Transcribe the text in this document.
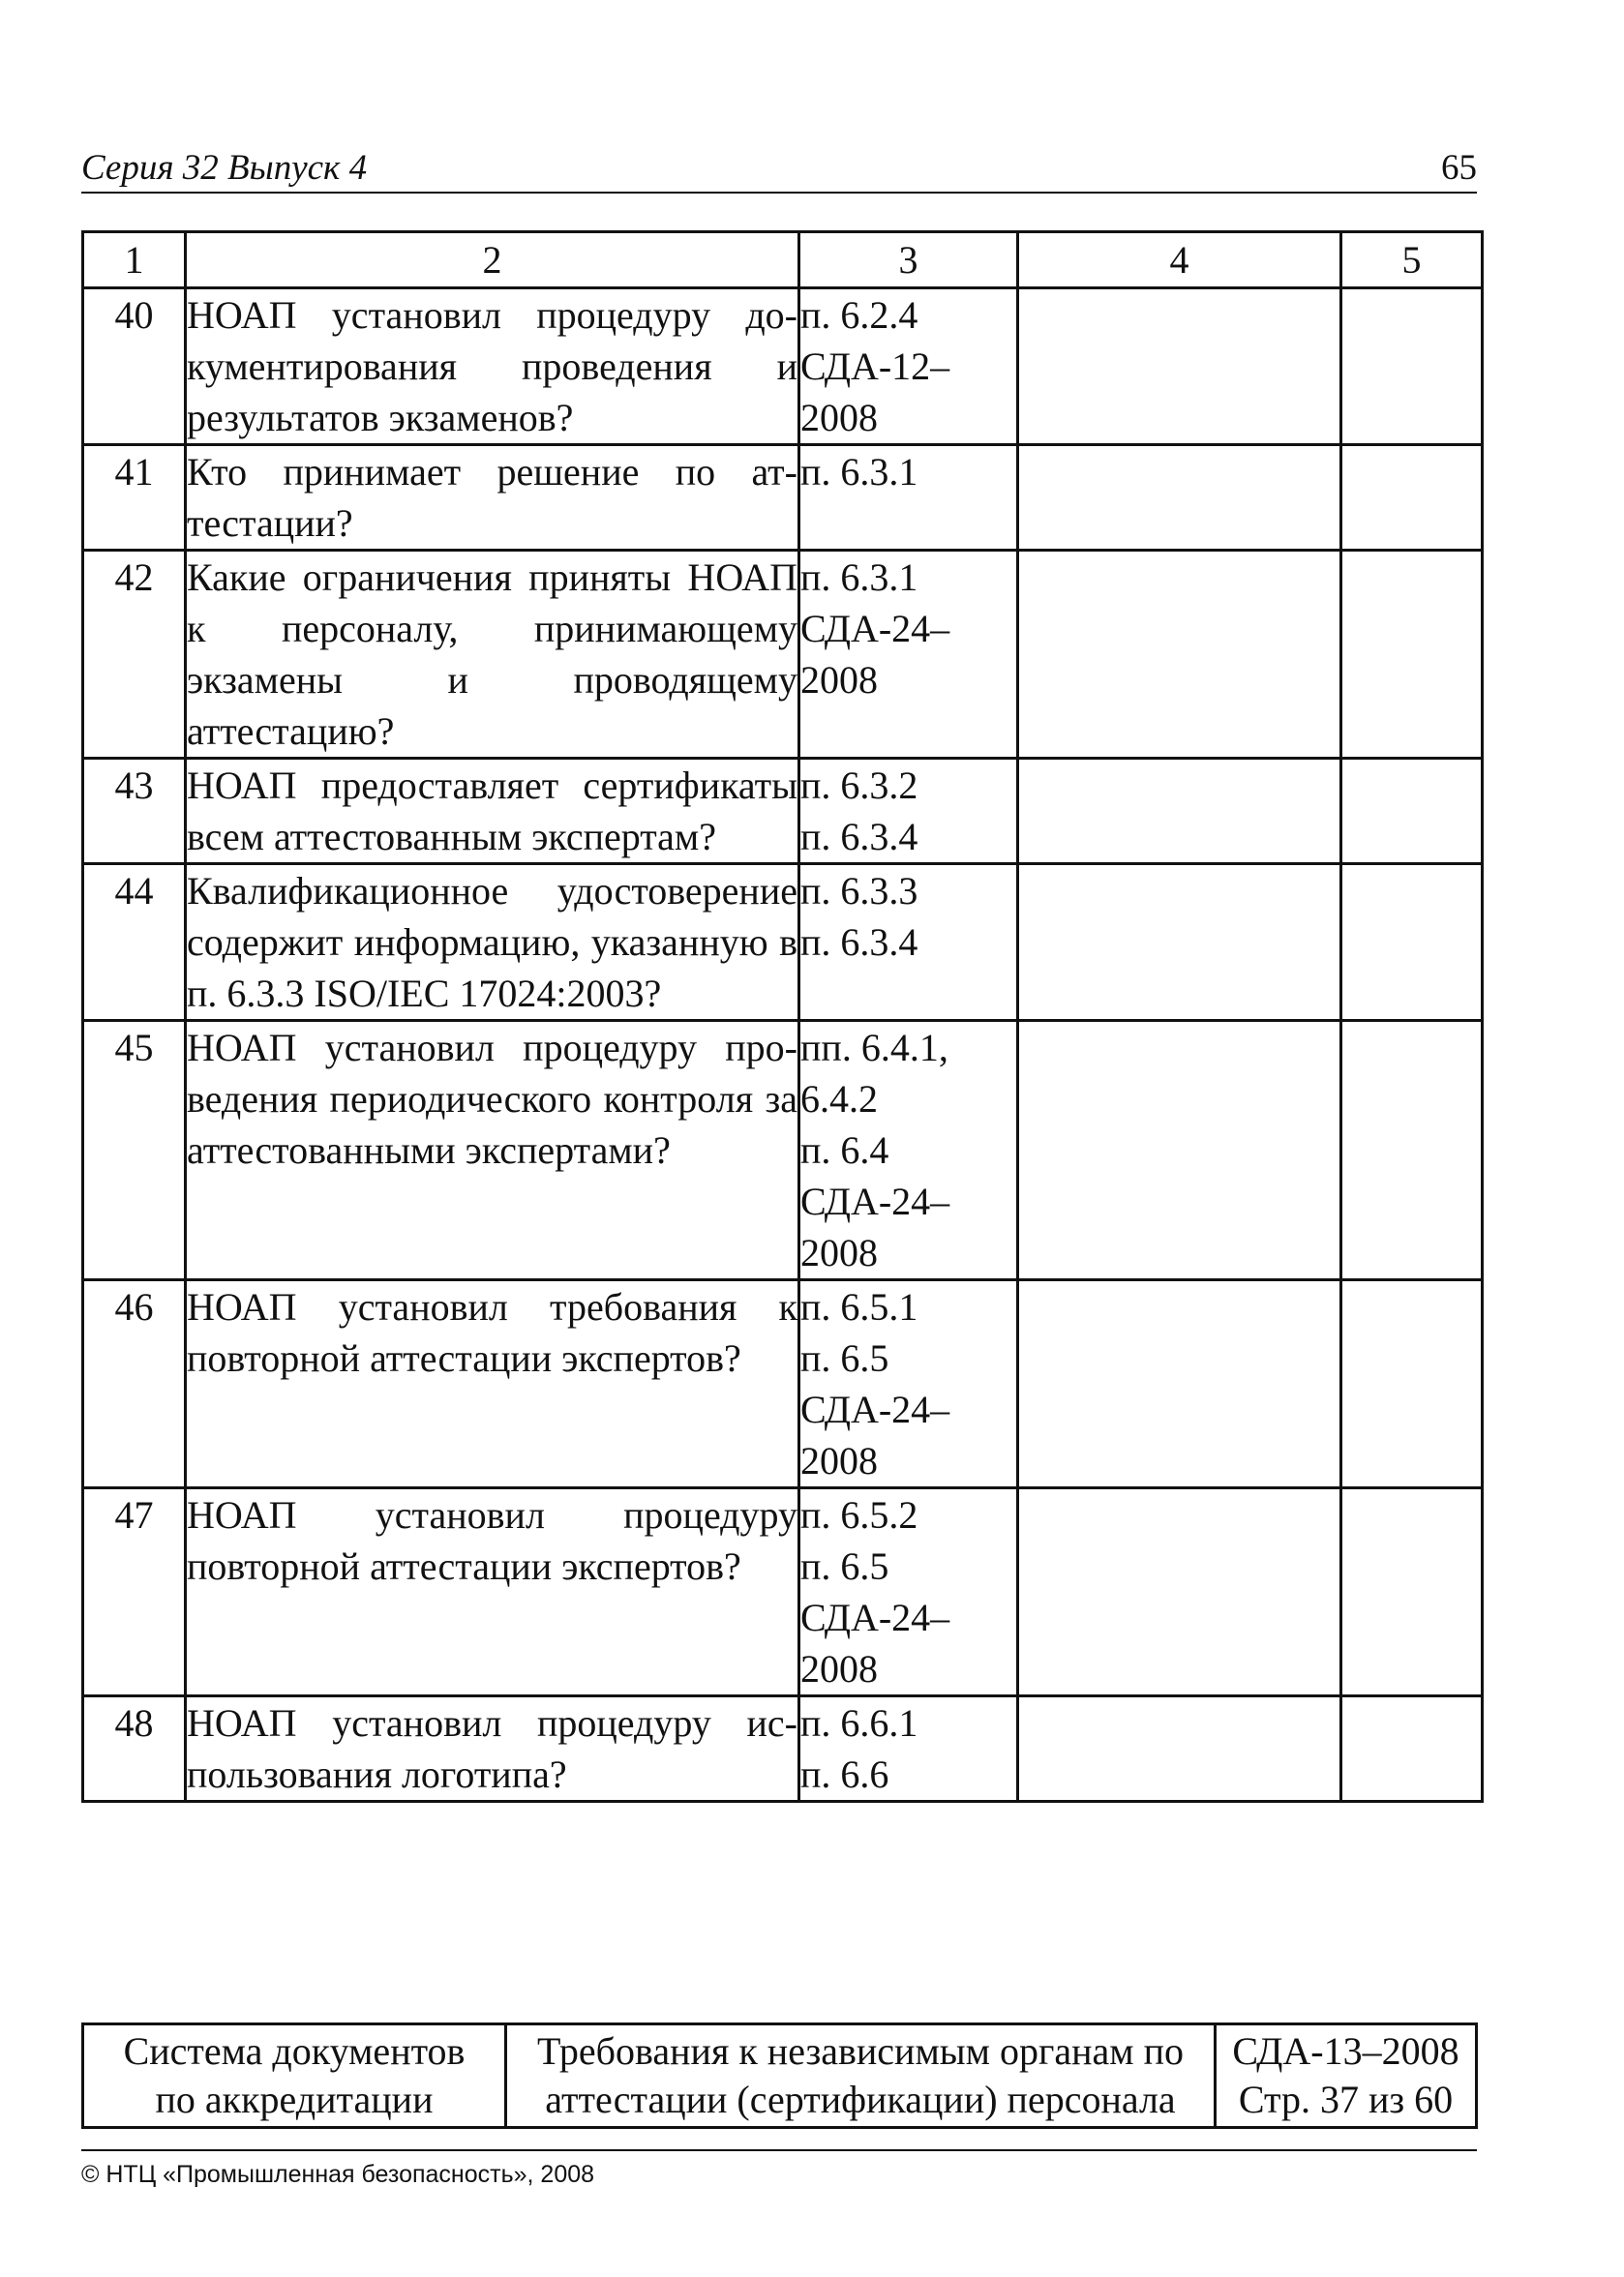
Серия 32 Выпуск 4	65
1	2	3	4	5
40	НОАП установил процедуру документирования проведения и результатов экзаменов?	п. 6.2.4
СДА-12–
2008		

41	Кто принимает решение по аттестации?	п. 6.3.1		

42	Какие ограничения приняты НОАП к персоналу, принимающему экзамены и проводящему аттестацию?	п. 6.3.1
СДА-24–
2008		

43	НОАП предоставляет сертификаты всем аттестованным экспертам?	п. 6.3.2
п. 6.3.4		

44	Квалификационное удостоверение содержит информацию, указанную в п. 6.3.3 ISO/IEC 17024:2003?	п. 6.3.3
п. 6.3.4		

45	НОАП установил процедуру проведения периодического контроля за аттестованными экспертами?	пп. 6.4.1,
6.4.2
п. 6.4
СДА-24–
2008		

46	НОАП установил требования к повторной аттестации экспертов?	п. 6.5.1
п. 6.5
СДА-24–
2008		

47	НОАП установил процедуру повторной аттестации экспертов?	п. 6.5.2
п. 6.5
СДА-24–
2008		

48	НОАП установил процедуру использования логотипа?	п. 6.6.1
п. 6.6		

Система документов
по аккредитации

Требования к независимым органам по
аттестации (сертификации) персонала

СДА-13–2008
Стр. 37 из 60
© НТЦ «Промышленная безопасность», 2008
